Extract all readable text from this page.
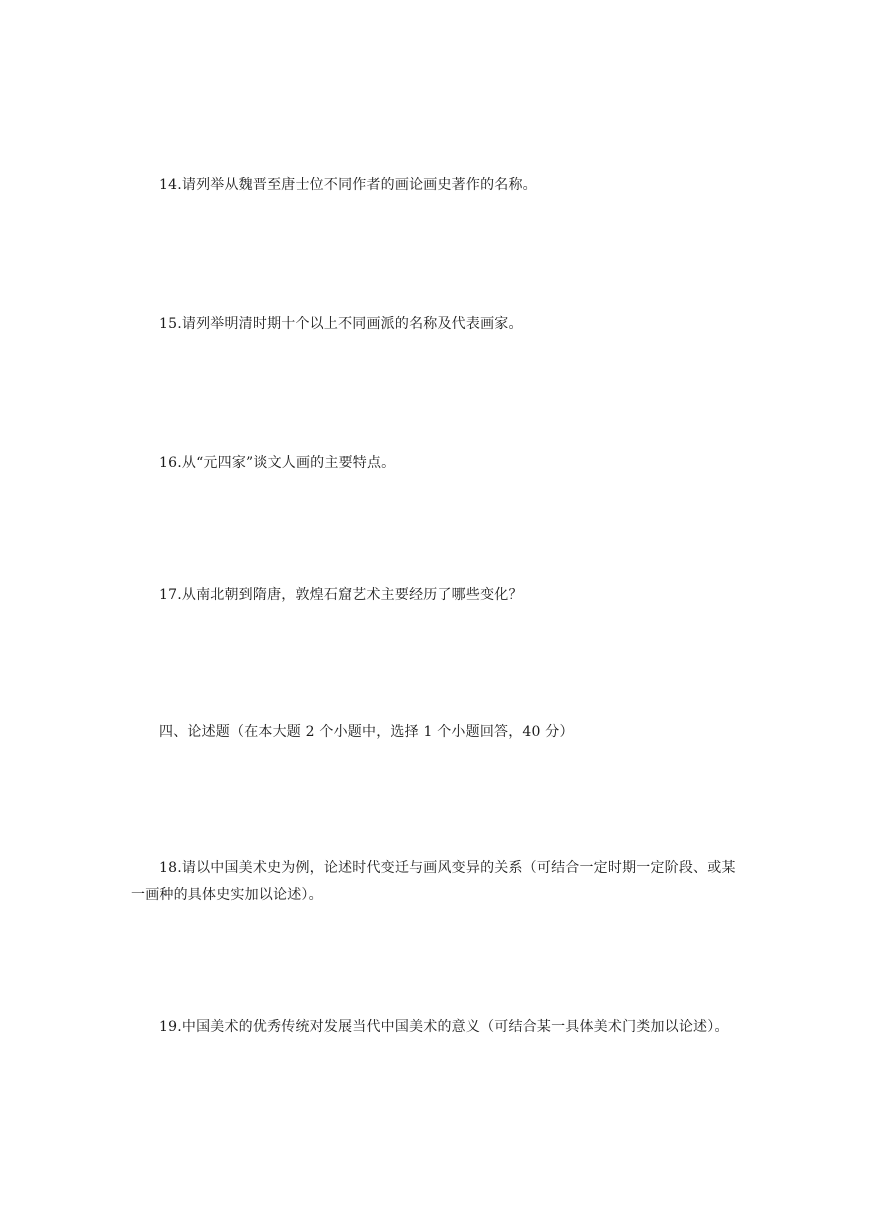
14.请列举从魏晋至唐士位不同作者的画论画史著作的名称。

15.请列举明清时期十个以上不同画派的名称及代表画家。

16.从“元四家”谈文人画的主要特点。

17.从南北朝到隋唐，敦煌石窟艺术主要经历了哪些变化？

四、论述题（在本大题 2 个小题中，选择 1 个小题回答，40 分）

18.请以中国美术史为例，论述时代变迁与画风变异的关系（可结合一定时期一定阶段、或某一画种的具体史实加以论述）。

19.中国美术的优秀传统对发展当代中国美术的意义（可结合某一具体美术门类加以论述）。
